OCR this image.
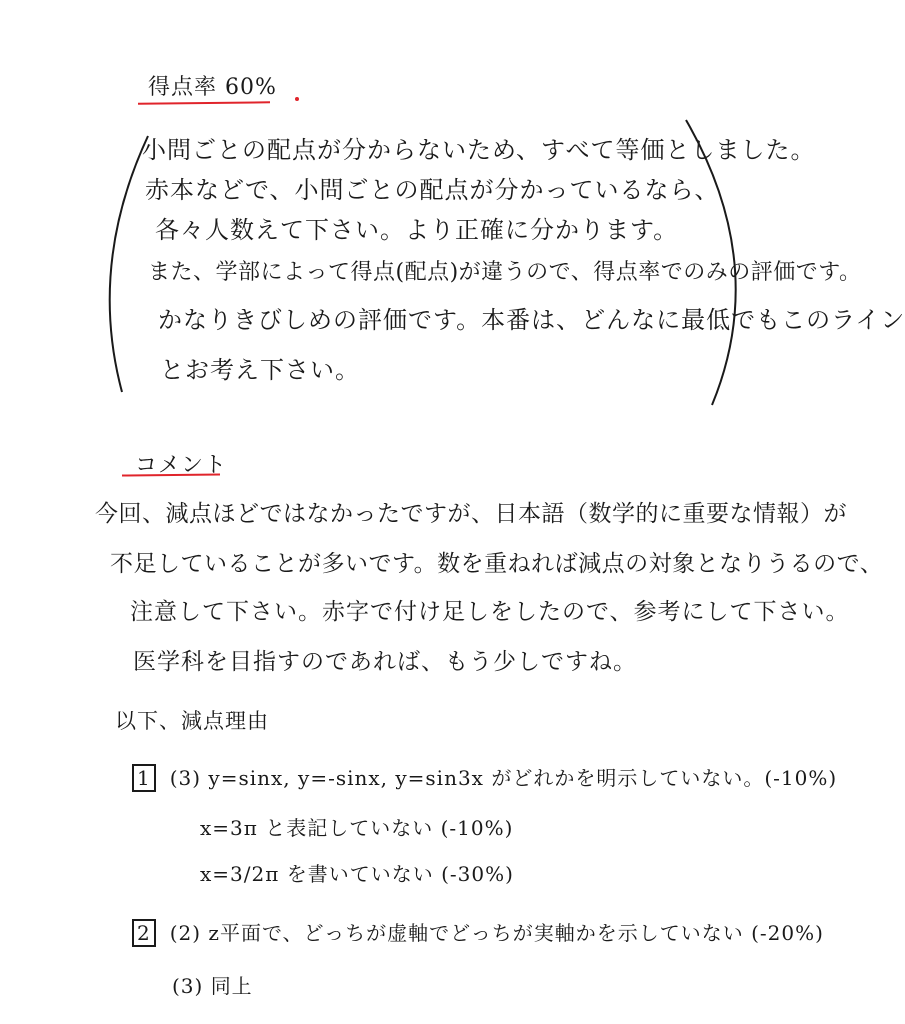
得点率 60%
小問ごとの配点が分からないため、すべて等価としました。
赤本などで、小問ごとの配点が分かっているなら、
各々人数えて下さい。より正確に分かります。
また、学部によって得点(配点)が違うので、得点率でのみの評価です。
かなりきびしめの評価です。本番は、どんなに最低でもこのライン
とお考え下さい。
コメント
今回、減点ほどではなかったですが、日本語（数学的に重要な情報）が
不足していることが多いです。数を重ねれば減点の対象となりうるので、
注意して下さい。赤字で付け足しをしたので、参考にして下さい。
医学科を目指すのであれば、もう少しですね。
以下、減点理由
1 (3) y=sinx, y=-sinx, y=sin3x がどれかを明示していない。(-10%)
x=3π と表記していない (-10%)
x=3/2π を書いていない (-30%)
2 (2) z平面で、どっちが虚軸でどっちが実軸かを示していない (-20%)
(3) 同上
